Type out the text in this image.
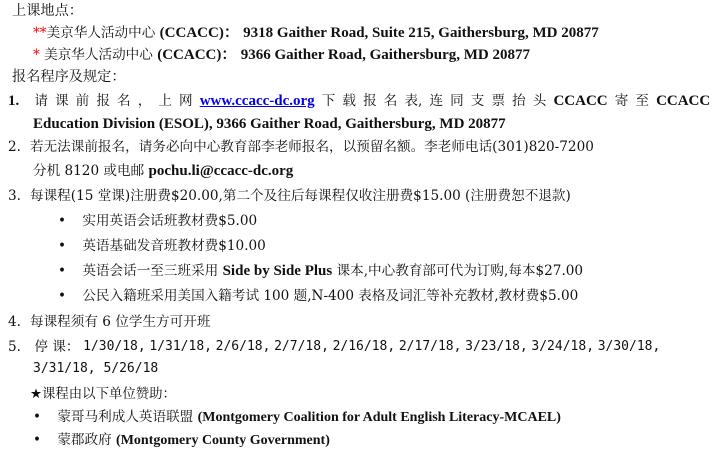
上课地点：
**美京华人活动中心 (CCACC)： 9318 Gaither Road, Suite 215, Gaithersburg, MD 20877
* 美京华人活动中心 (CCACC)： 9366 Gaither Road, Gaithersburg, MD 20877
报名程序及规定：
1. 请 课 前 报 名 ， 上 网 www.ccacc-dc.org 下 载 报 名 表, 连 同 支 票 抬 头 CCACC 寄 至 CCACC
Education Division (ESOL), 9366 Gaither Road, Gaithersburg, MD 20877
2. 若无法课前报名，请务必向中心教育部李老师报名，以预留名额。李老师电话(301)820-7200
分机 8120 或电邮 pochu.li@ccacc-dc.org
3. 每课程(15 堂课)注册费$20.00,第二个及往后每课程仅收注册费$15.00 (注册费恕不退款)
• 实用英语会话班教材费$5.00
• 英语基础发音班教材费$10.00
• 英语会话一至三班采用 Side by Side Plus 课本,中心教育部可代为订购,每本$27.00
• 公民入籍班采用美国入籍考试 100 题,N-400 表格及词汇等补充教材,教材费$5.00
4. 每课程须有 6 位学生方可开班
5. 停 课： 1/30/18, 1/31/18, 2/6/18, 2/7/18, 2/16/18, 2/17/18, 3/23/18, 3/24/18, 3/30/18,
3/31/18, 5/26/18
★课程由以下单位赞助：
• 蒙哥马利成人英语联盟 (Montgomery Coalition for Adult English Literacy-MCAEL)
• 蒙郡政府 (Montgomery County Government)
